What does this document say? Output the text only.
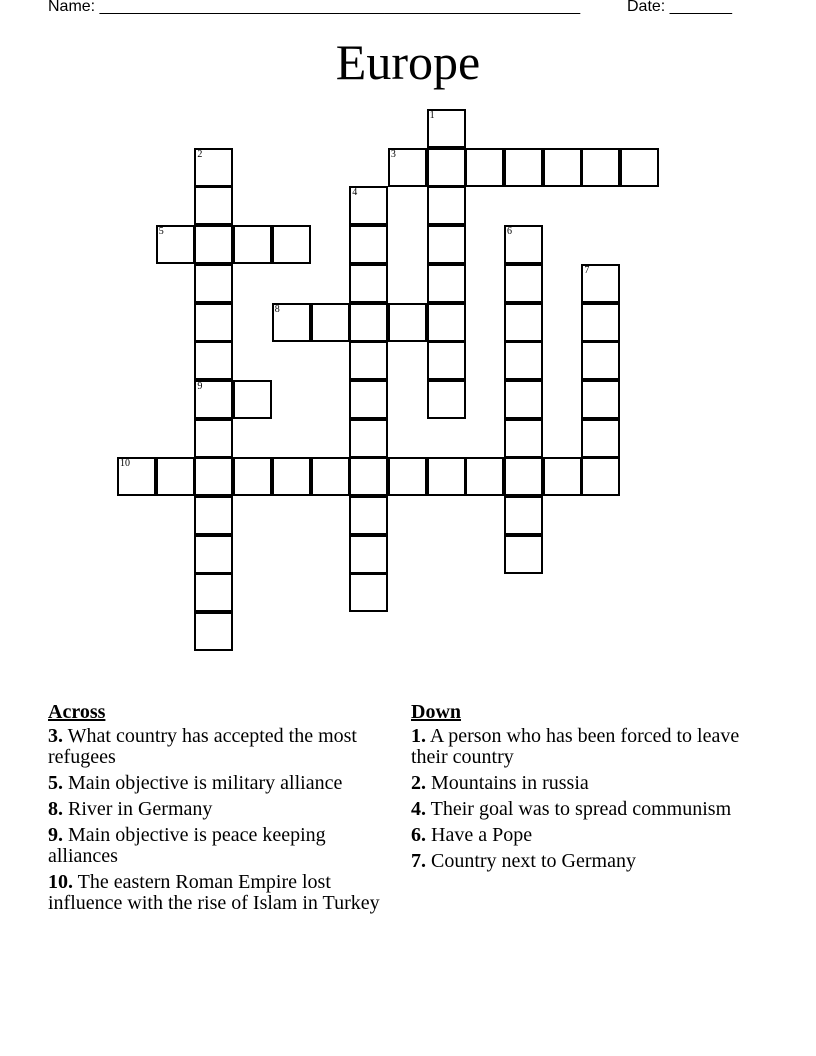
Name: ______________________________________________________	Date: _______
Europe
1
2	3
4
5	6
7
8
9
10
Across
3. What country has accepted the most refugees
5. Main objective is military alliance
8. River in Germany
9. Main objective is peace keeping alliances
10. The eastern Roman Empire lost influence with the rise of Islam in Turkey
Down
1. A person who has been forced to leave their country
2. Mountains in russia
4. Their goal was to spread communism
6. Have a Pope
7. Country next to Germany
